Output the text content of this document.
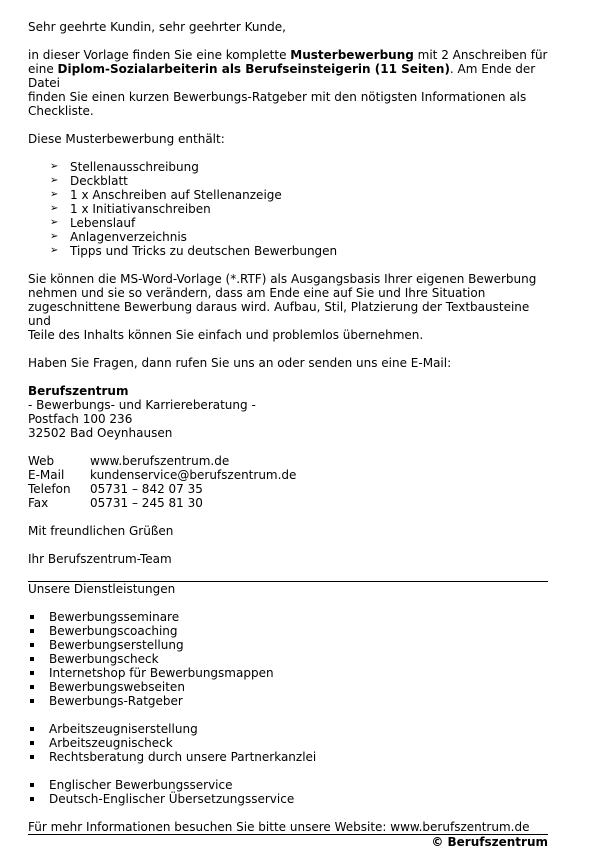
Sehr geehrte Kundin, sehr geehrter Kunde,

in dieser Vorlage finden Sie eine komplette Musterbewerbung mit 2 Anschreiben für

eine Diplom-Sozialarbeiterin als Berufseinsteigerin (11 Seiten). Am Ende der Datei

finden Sie einen kurzen Bewerbungs-Ratgeber mit den nötigsten Informationen als

Checkliste.

Diese Musterbewerbung enthält:

➢ Stellenausschreibung
➢ Deckblatt
➢ 1 x Anschreiben auf Stellenanzeige
➢ 1 x Initiativanschreiben
➢ Lebenslauf
➢ Anlagenverzeichnis
➢ Tipps und Tricks zu deutschen Bewerbungen

Sie können die MS-Word-Vorlage (*.RTF) als Ausgangsbasis Ihrer eigenen Bewerbung

nehmen und sie so verändern, dass am Ende eine auf Sie und Ihre Situation

zugeschnittene Bewerbung daraus wird. Aufbau, Stil, Platzierung der Textbausteine und

Teile des Inhalts können Sie einfach und problemlos übernehmen.

Haben Sie Fragen, dann rufen Sie uns an oder senden uns eine E-Mail:

Berufszentrum

- Bewerbungs- und Karriereberatung -

Postfach 100 236

32502 Bad Oeynhausen

Web	www.berufszentrum.de
E-Mail	kundenservice@berufszentrum.de
Telefon	05731 – 842 07 35
Fax	05731 – 245 81 30

Mit freundlichen Grüßen

Ihr Berufszentrum-Team

Unsere Dienstleistungen

Bewerbungsseminare
Bewerbungscoaching
Bewerbungserstellung
Bewerbungscheck
Internetshop für Bewerbungsmappen
Bewerbungswebseiten
Bewerbungs-Ratgeber
Arbeitszeugniserstellung
Arbeitszeugnischeck
Rechtsberatung durch unsere Partnerkanzlei
Englischer Bewerbungsservice
Deutsch-Englischer Übersetzungsservice

Für mehr Informationen besuchen Sie bitte unsere Website: www.berufszentrum.de

© Berufszentrum
